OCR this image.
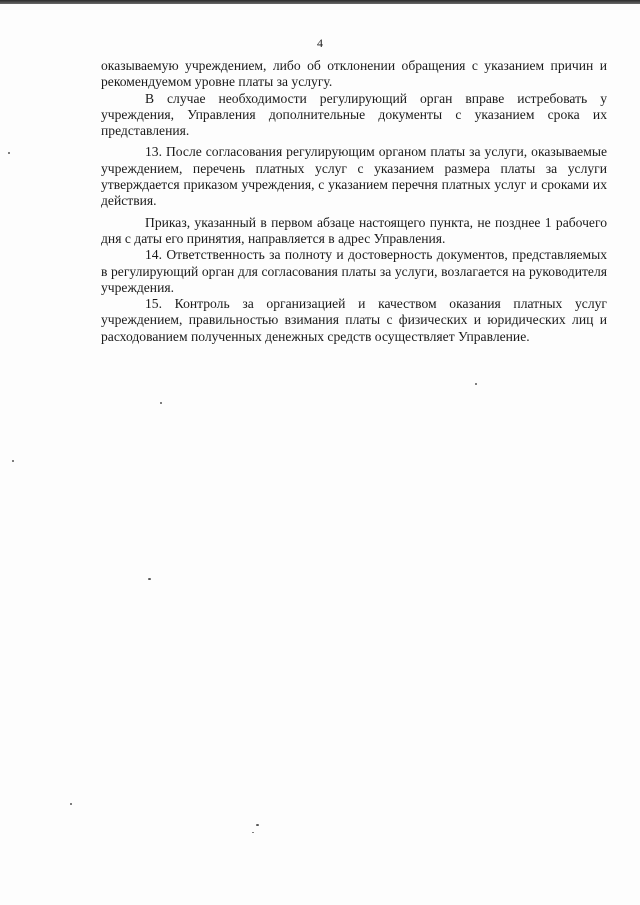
4

оказываемую учреждением, либо об отклонении обращения с указанием причин и рекомендуемом уровне платы за услугу.

В случае необходимости регулирующий орган вправе истребовать у учреждения, Управления дополнительные документы с указанием срока их представления.

13. После согласования регулирующим органом платы за услуги, оказываемые учреждением, перечень платных услуг с указанием размера платы за услуги утверждается приказом учреждения, с указанием перечня платных услуг и сроками их действия.

Приказ, указанный в первом абзаце настоящего пункта, не позднее 1 рабочего дня с даты его принятия, направляется в адрес Управления.

14. Ответственность за полноту и достоверность документов, представляемых в регулирующий орган для согласования платы за услуги, возлагается на руководителя учреждения.

15. Контроль за организацией и качеством оказания платных услуг учреждением, правильностью взимания платы с физических и юридических лиц и расходованием полученных денежных средств осуществляет Управление.
